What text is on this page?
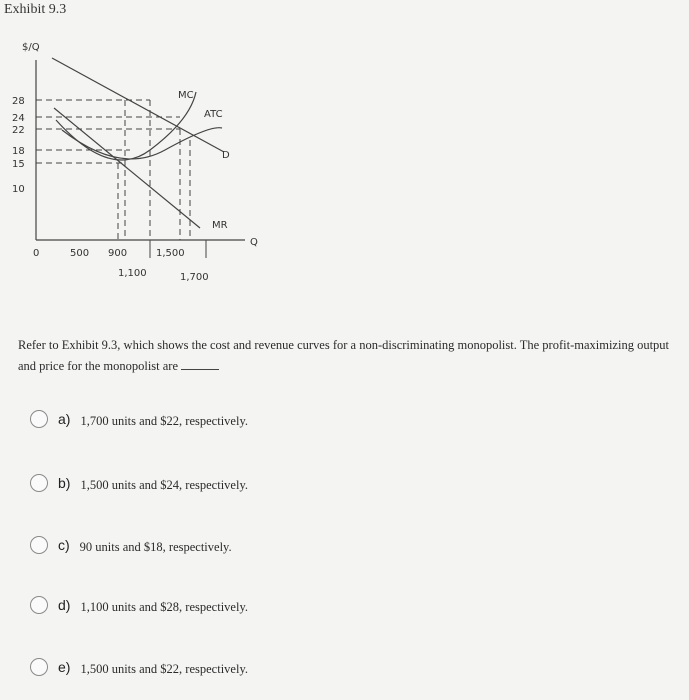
Exhibit 9.3
$/Q
Q
28
24
22
18
15
10
0	500 900	1,500
1,100	1,700
MC
ATC
D
MR
Refer to Exhibit 9.3, which shows the cost and revenue curves for a non-discriminating monopolist. The profit-maximizing output and price for the monopolist are
a) 1,700 units and $22, respectively.
b) 1,500 units and $24, respectively.
c) 90 units and $18, respectively.
d) 1,100 units and $28, respectively.
e) 1,500 units and $22, respectively.
